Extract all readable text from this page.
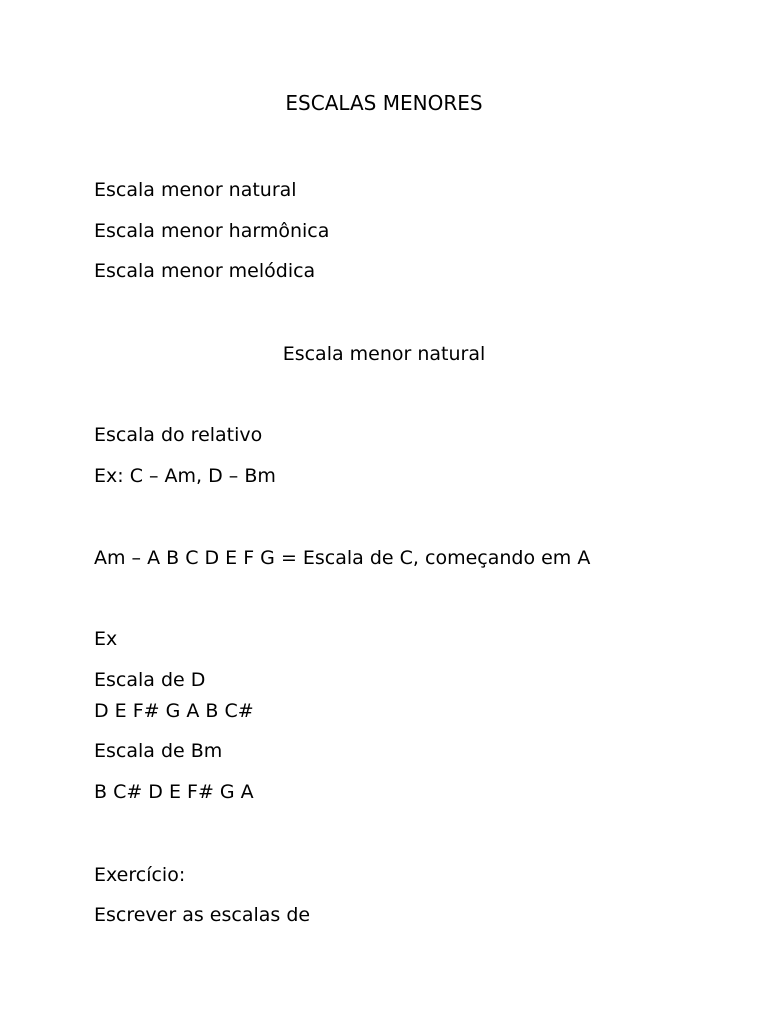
ESCALAS MENORES
Escala menor natural
Escala menor harmônica
Escala menor melódica
Escala menor natural
Escala do relativo
Ex: C – Am, D – Bm
Am – A B C D E F G = Escala de C, começando em A
Ex
Escala de D
D E F# G A B C#
Escala de Bm
B C# D E F# G A
Exercício:
Escrever as escalas de
